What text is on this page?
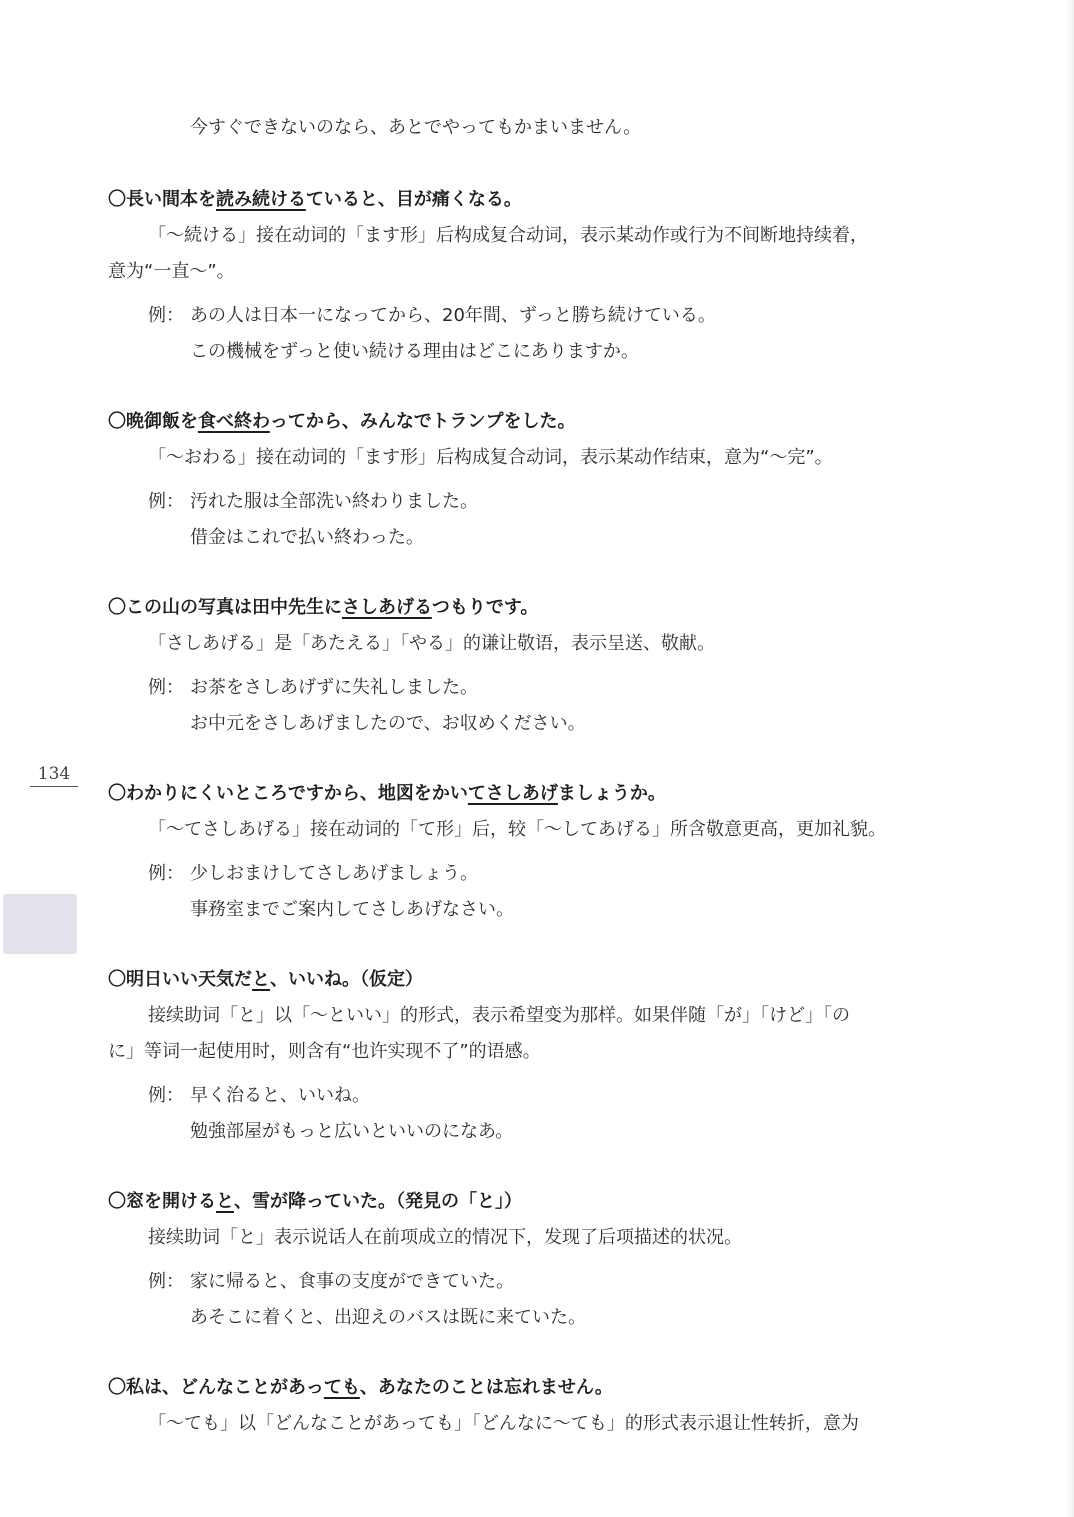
134
今すぐできないのなら、あとでやってもかまいません。
〇長い間本を読み続けるていると、目が痛くなる。
「〜続ける」接在动词的「ます形」后构成复合动词，表示某动作或行为不间断地持续着，
意为“一直〜”。
例： あの人は日本一になってから、20年間、ずっと勝ち続けている。
この機械をずっと使い続ける理由はどこにありますか。
〇晩御飯を食べ終わってから、みんなでトランプをした。
「〜おわる」接在动词的「ます形」后构成复合动词，表示某动作结束，意为“〜完”。
例： 汚れた服は全部洗い終わりました。
借金はこれで払い終わった。
〇この山の写真は田中先生にさしあげるつもりです。
「さしあげる」是「あたえる」「やる」的谦让敬语，表示呈送、敬献。
例： お茶をさしあげずに失礼しました。
お中元をさしあげましたので、お収めください。
〇わかりにくいところですから、地図をかいてさしあげましょうか。
「〜てさしあげる」接在动词的「て形」后，较「〜してあげる」所含敬意更高，更加礼貌。
例： 少しおまけしてさしあげましょう。
事務室までご案内してさしあげなさい。
〇明日いい天気だと、いいね。（仮定）
接续助词「と」以「〜といい」的形式，表示希望变为那样。如果伴随「が」「けど」「の
に」等词一起使用时，则含有“也许实现不了”的语感。
例： 早く治ると、いいね。
勉強部屋がもっと広いといいのになあ。
〇窓を開けると、雪が降っていた。（発見の「と」）
接续助词「と」表示说话人在前项成立的情况下，发现了后项描述的状况。
例： 家に帰ると、食事の支度ができていた。
あそこに着くと、出迎えのバスは既に来ていた。
〇私は、どんなことがあっても、あなたのことは忘れません。
「〜ても」以「どんなことがあっても」「どんなに〜ても」的形式表示退让性转折，意为
